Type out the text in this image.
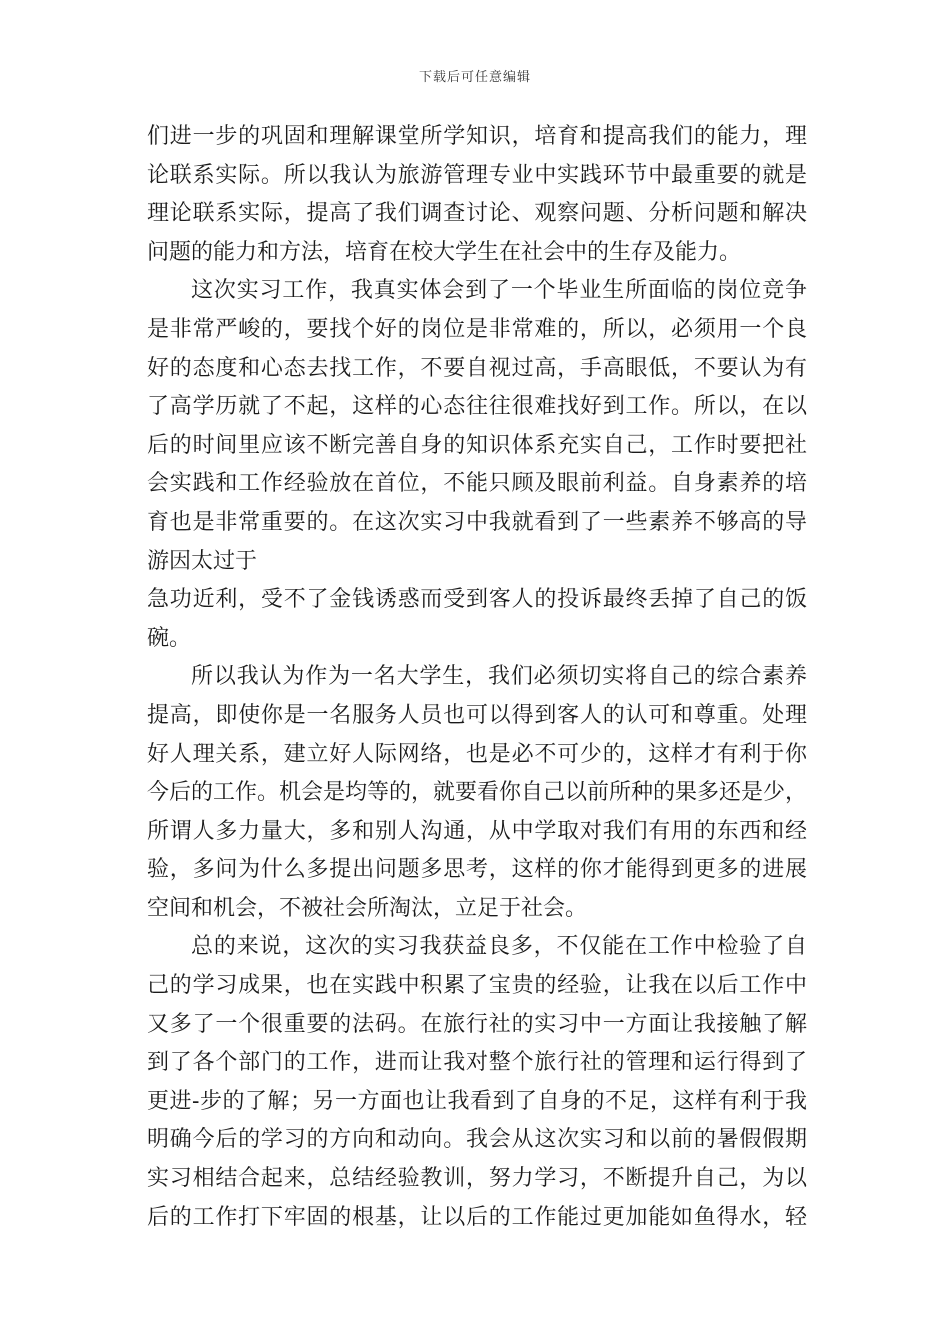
下载后可任意编辑
们进一步的巩固和理解课堂所学知识，培育和提高我们的能力，理
论联系实际。所以我认为旅游管理专业中实践环节中最重要的就是
理论联系实际，提高了我们调查讨论、观察问题、分析问题和解决
问题的能力和方法，培育在校大学生在社会中的生存及能力。
这次实习工作，我真实体会到了一个毕业生所面临的岗位竞争
是非常严峻的，要找个好的岗位是非常难的，所以，必须用一个良
好的态度和心态去找工作，不要自视过高，手高眼低，不要认为有
了高学历就了不起，这样的心态往往很难找好到工作。所以，在以
后的时间里应该不断完善自身的知识体系充实自己，工作时要把社
会实践和工作经验放在首位，不能只顾及眼前利益。自身素养的培
育也是非常重要的。在这次实习中我就看到了一些素养不够高的导
游因太过于
急功近利，受不了金钱诱惑而受到客人的投诉最终丢掉了自己的饭
碗。
所以我认为作为一名大学生，我们必须切实将自己的综合素养
提高，即使你是一名服务人员也可以得到客人的认可和尊重。处理
好人理关系，建立好人际网络，也是必不可少的，这样才有利于你
今后的工作。机会是均等的，就要看你自己以前所种的果多还是少，
所谓人多力量大，多和别人沟通，从中学取对我们有用的东西和经
验，多问为什么多提出问题多思考，这样的你才能得到更多的进展
空间和机会，不被社会所淘汰，立足于社会。
总的来说，这次的实习我获益良多，不仅能在工作中检验了自
己的学习成果，也在实践中积累了宝贵的经验，让我在以后工作中
又多了一个很重要的法码。在旅行社的实习中一方面让我接触了解
到了各个部门的工作，进而让我对整个旅行社的管理和运行得到了
更进-步的了解；另一方面也让我看到了自身的不足，这样有利于我
明确今后的学习的方向和动向。我会从这次实习和以前的暑假假期
实习相结合起来，总结经验教训，努力学习，不断提升自己，为以
后的工作打下牢固的根基，让以后的工作能过更加能如鱼得水，轻
